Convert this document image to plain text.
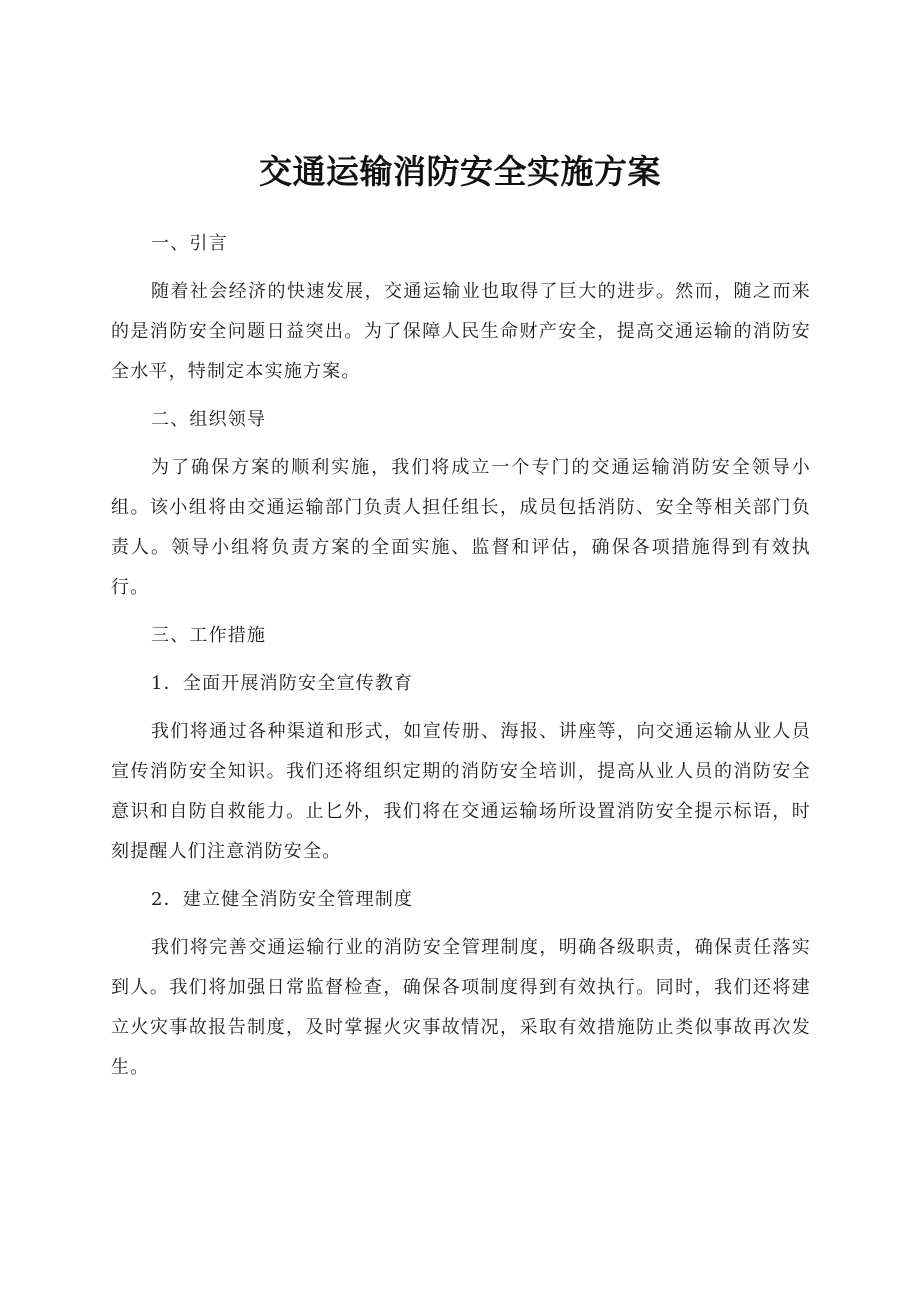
交通运输消防安全实施方案

一、引言

随着社会经济的快速发展，交通运输业也取得了巨大的进步。然而，随之而来的是消防安全问题日益突出。为了保障人民生命财产安全，提高交通运输的消防安全水平，特制定本实施方案。

二、组织领导

为了确保方案的顺利实施，我们将成立一个专门的交通运输消防安全领导小组。该小组将由交通运输部门负责人担任组长，成员包括消防、安全等相关部门负责人。领导小组将负责方案的全面实施、监督和评估，确保各项措施得到有效执行。

三、工作措施

1．全面开展消防安全宣传教育

我们将通过各种渠道和形式，如宣传册、海报、讲座等，向交通运输从业人员宣传消防安全知识。我们还将组织定期的消防安全培训，提高从业人员的消防安全意识和自防自救能力。止匕外，我们将在交通运输场所设置消防安全提示标语，时刻提醒人们注意消防安全。

2．建立健全消防安全管理制度

我们将完善交通运输行业的消防安全管理制度，明确各级职责，确保责任落实到人。我们将加强日常监督检查，确保各项制度得到有效执行。同时，我们还将建立火灾事故报告制度，及时掌握火灾事故情况，采取有效措施防止类似事故再次发生。
